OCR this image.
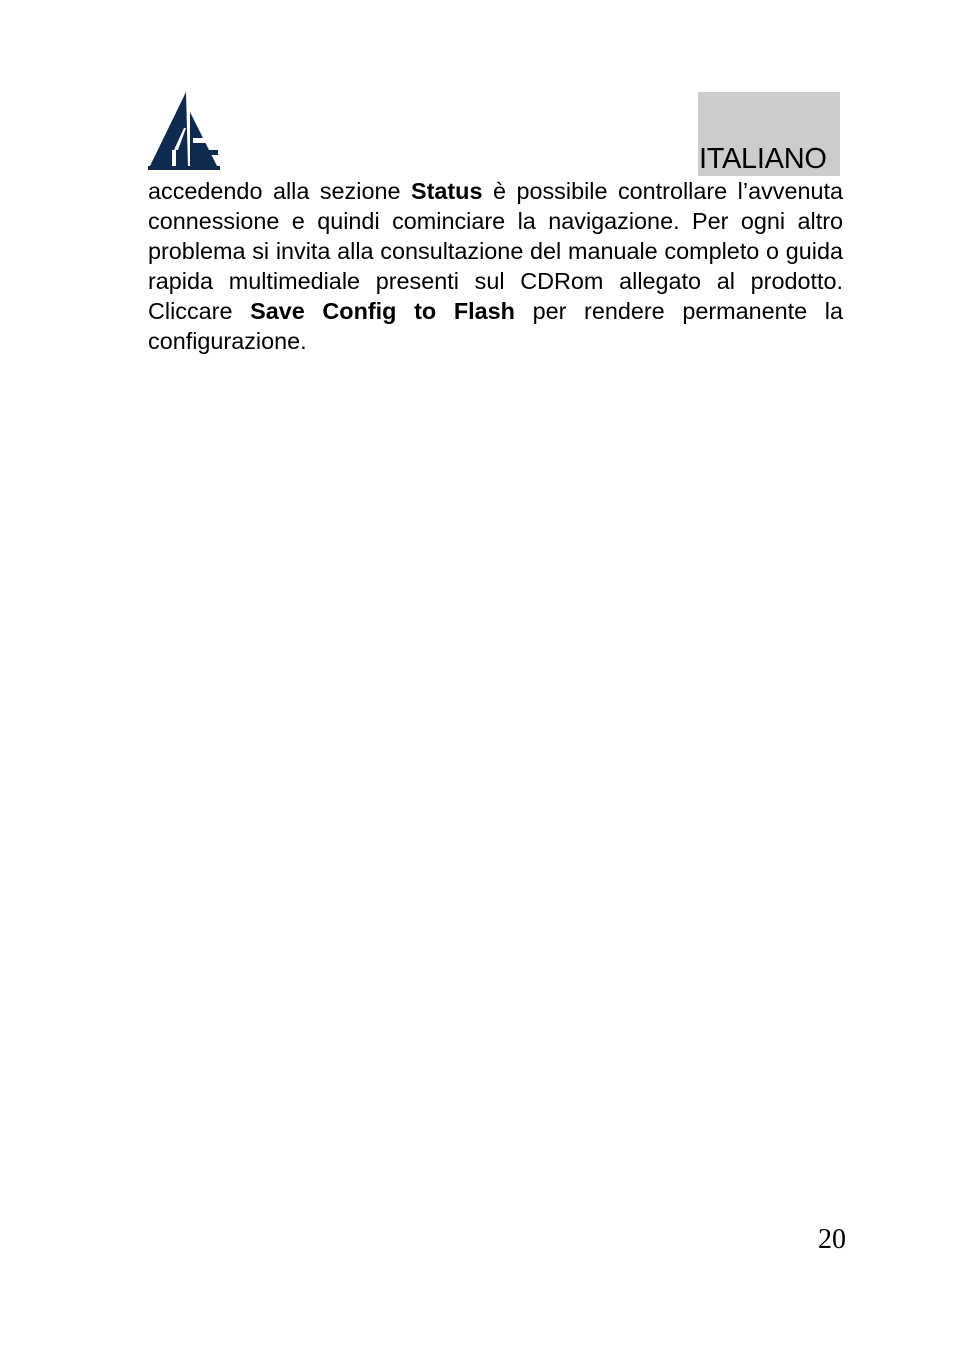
ITALIANO

accedendo alla sezione Status è possibile controllare l’avvenuta connessione e quindi cominciare la navigazione. Per ogni altro problema si invita alla consultazione del manuale completo o guida rapida multimediale presenti sul CDRom allegato al prodotto. Cliccare Save Config to Flash per rendere permanente la configurazione.

20
